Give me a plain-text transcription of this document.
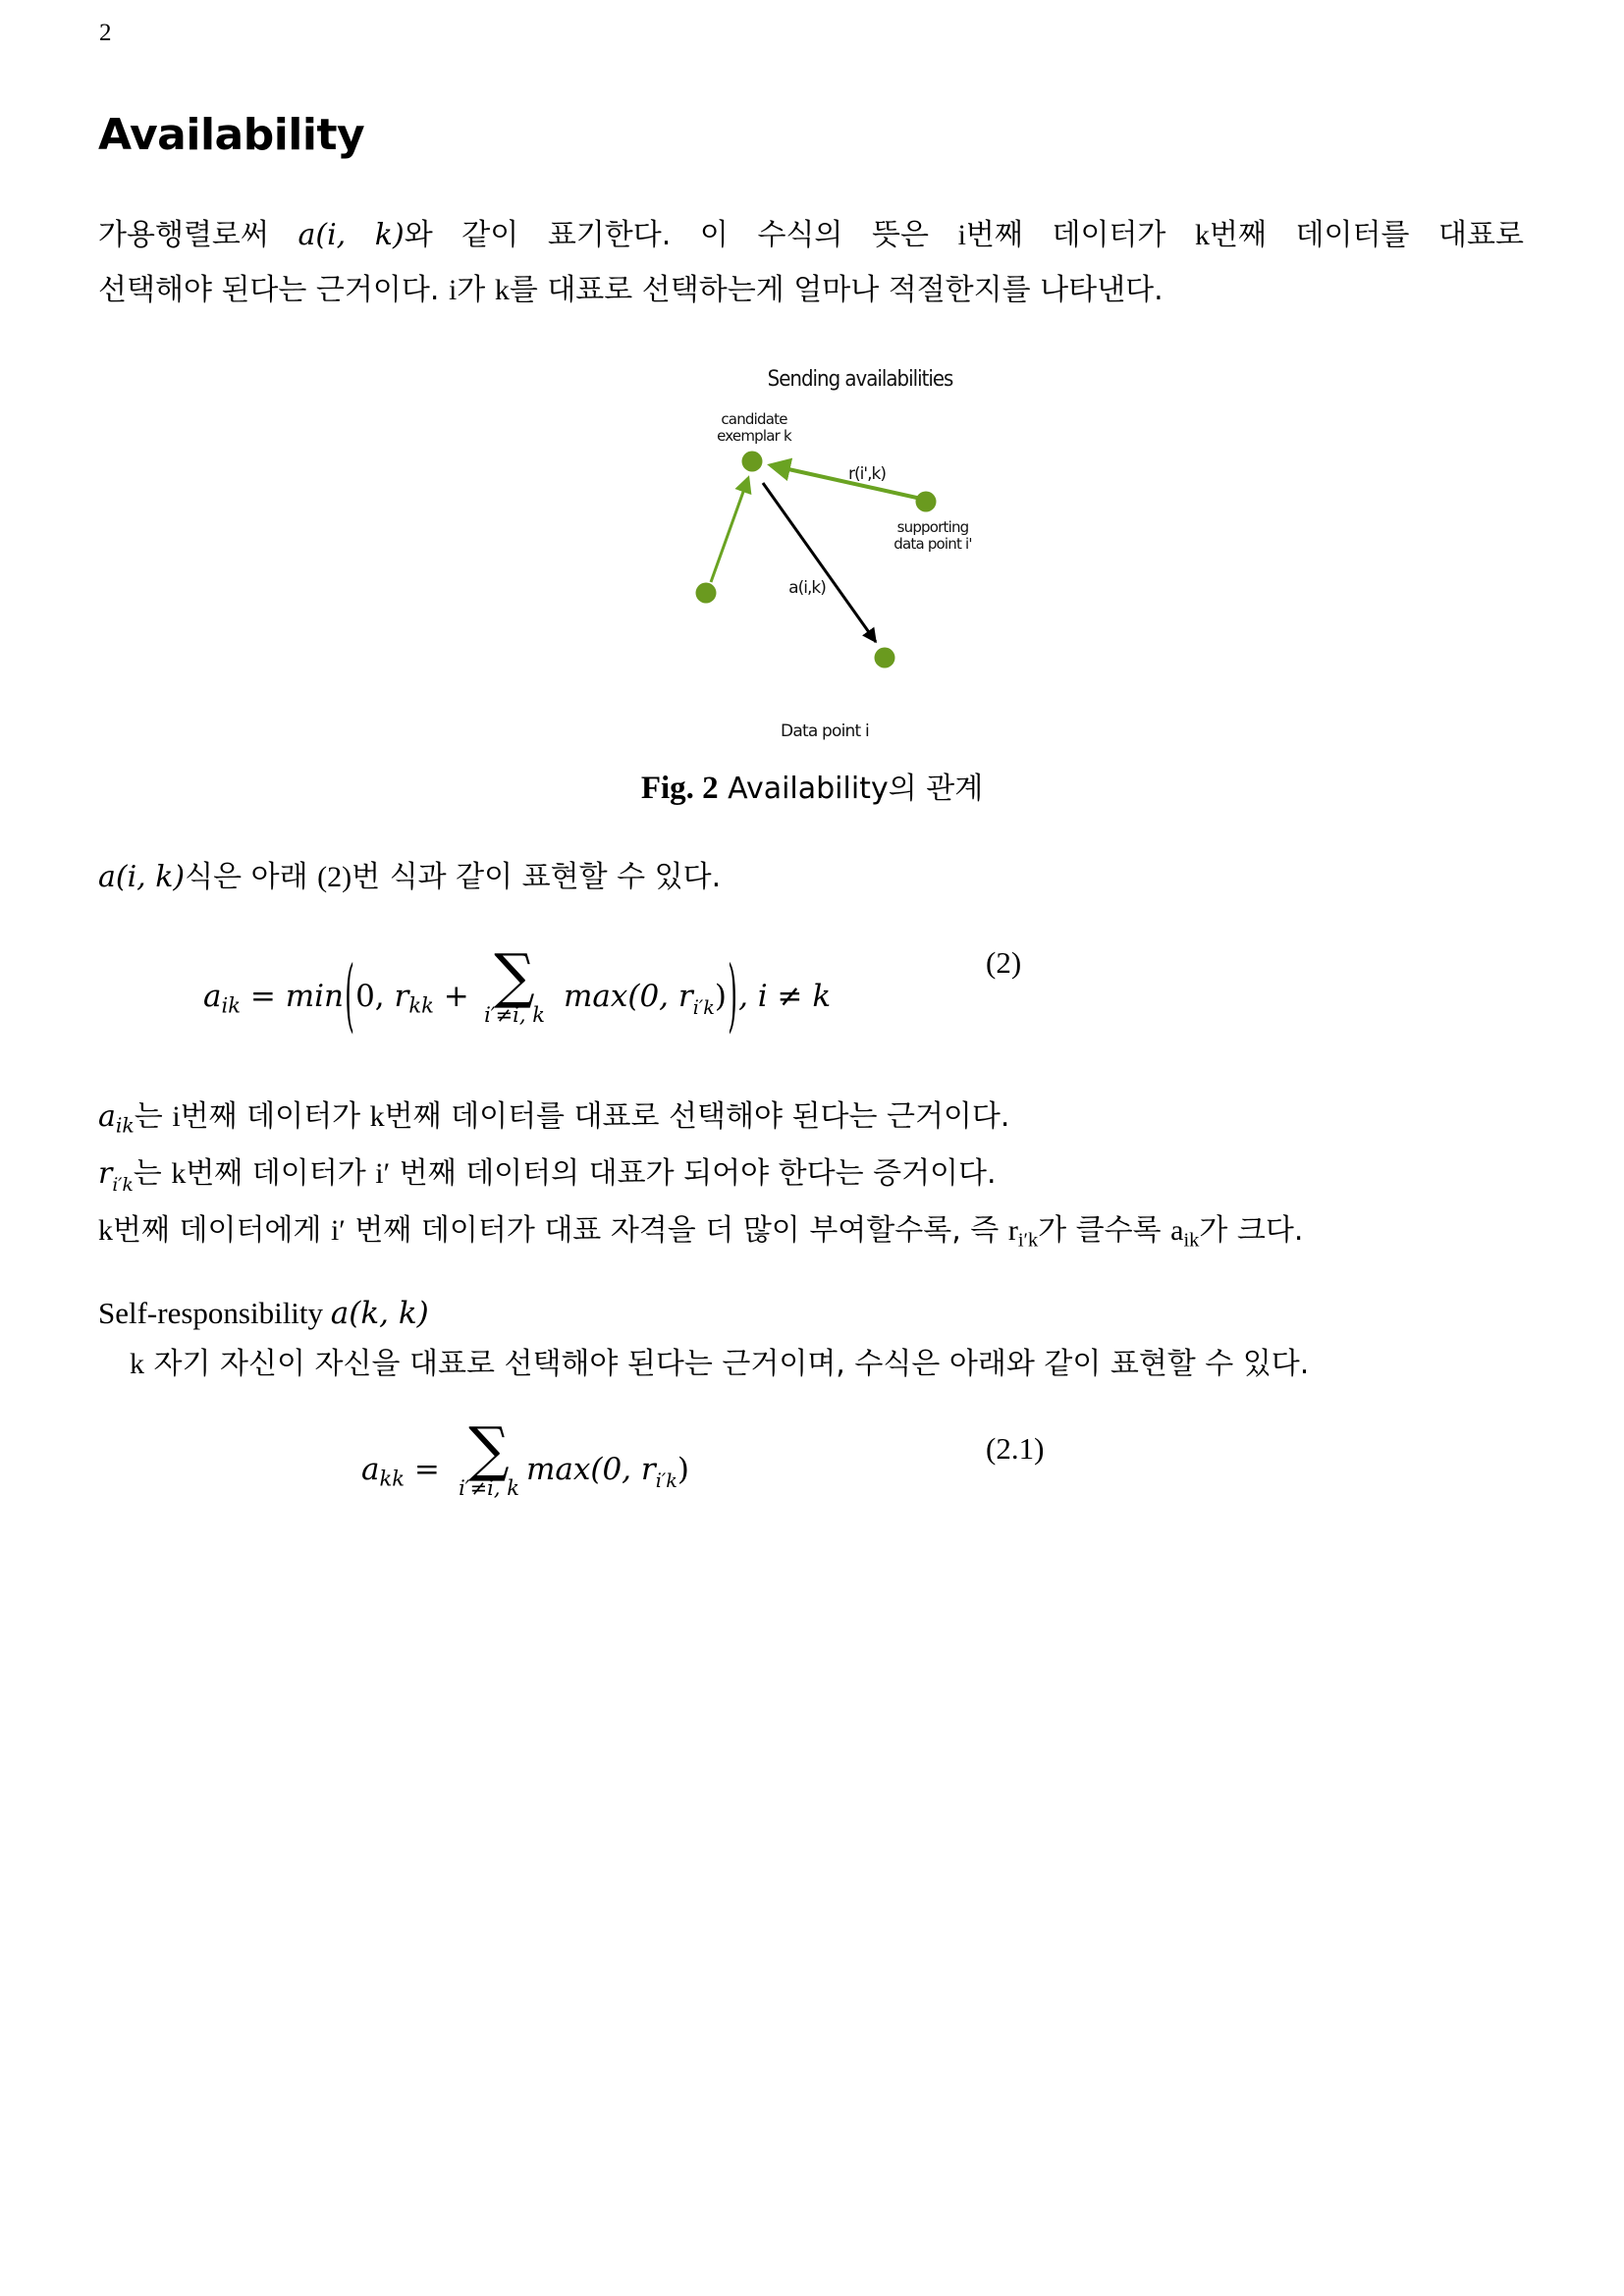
2
Availability
가용행렬로써 a(i, k)와 같이 표기한다. 이 수식의 뜻은 i번째 데이터가 k번째 데이터를 대표로
선택해야 된다는 근거이다. i가 k를 대표로 선택하는게 얼마나 적절한지를 나타낸다.
Sending availabilities
candidate
exemplar k
r(i',k)
supporting
data point i'
a(i,k)
Data point i
Fig. 2 Availability의 관계
a(i, k)식은 아래 (2)번 식과 같이 표현할 수 있다.
$a_{ik} = \min(0$, $r_{kk}$ + ∑
i′≠i, k
max(0, $r_{i'k}$)), i ≠ k
(2)
$a_{ik}$는 i번째 데이터가 k번째 데이터를 대표로 선택해야 된다는 근거이다.
$r_{i'k}$는 k번째 데이터가 i′ 번째 데이터의 대표가 되어야 한다는 증거이다.
k번째 데이터에게 i′ 번째 데이터가 대표 자격을 더 많이 부여할수록, 즉 $r_{i'k}$가 클수록 $a_{ik}$가 크다.
Self-responsibility a(k, k)
k 자기 자신이 자신을 대표로 선택해야 된다는 근거이며, 수식은 아래와 같이 표현할 수 있다.
$a_{kk}$ = ∑
i′≠i, k
max(0, $r_{i'k}$)
(2.1)
